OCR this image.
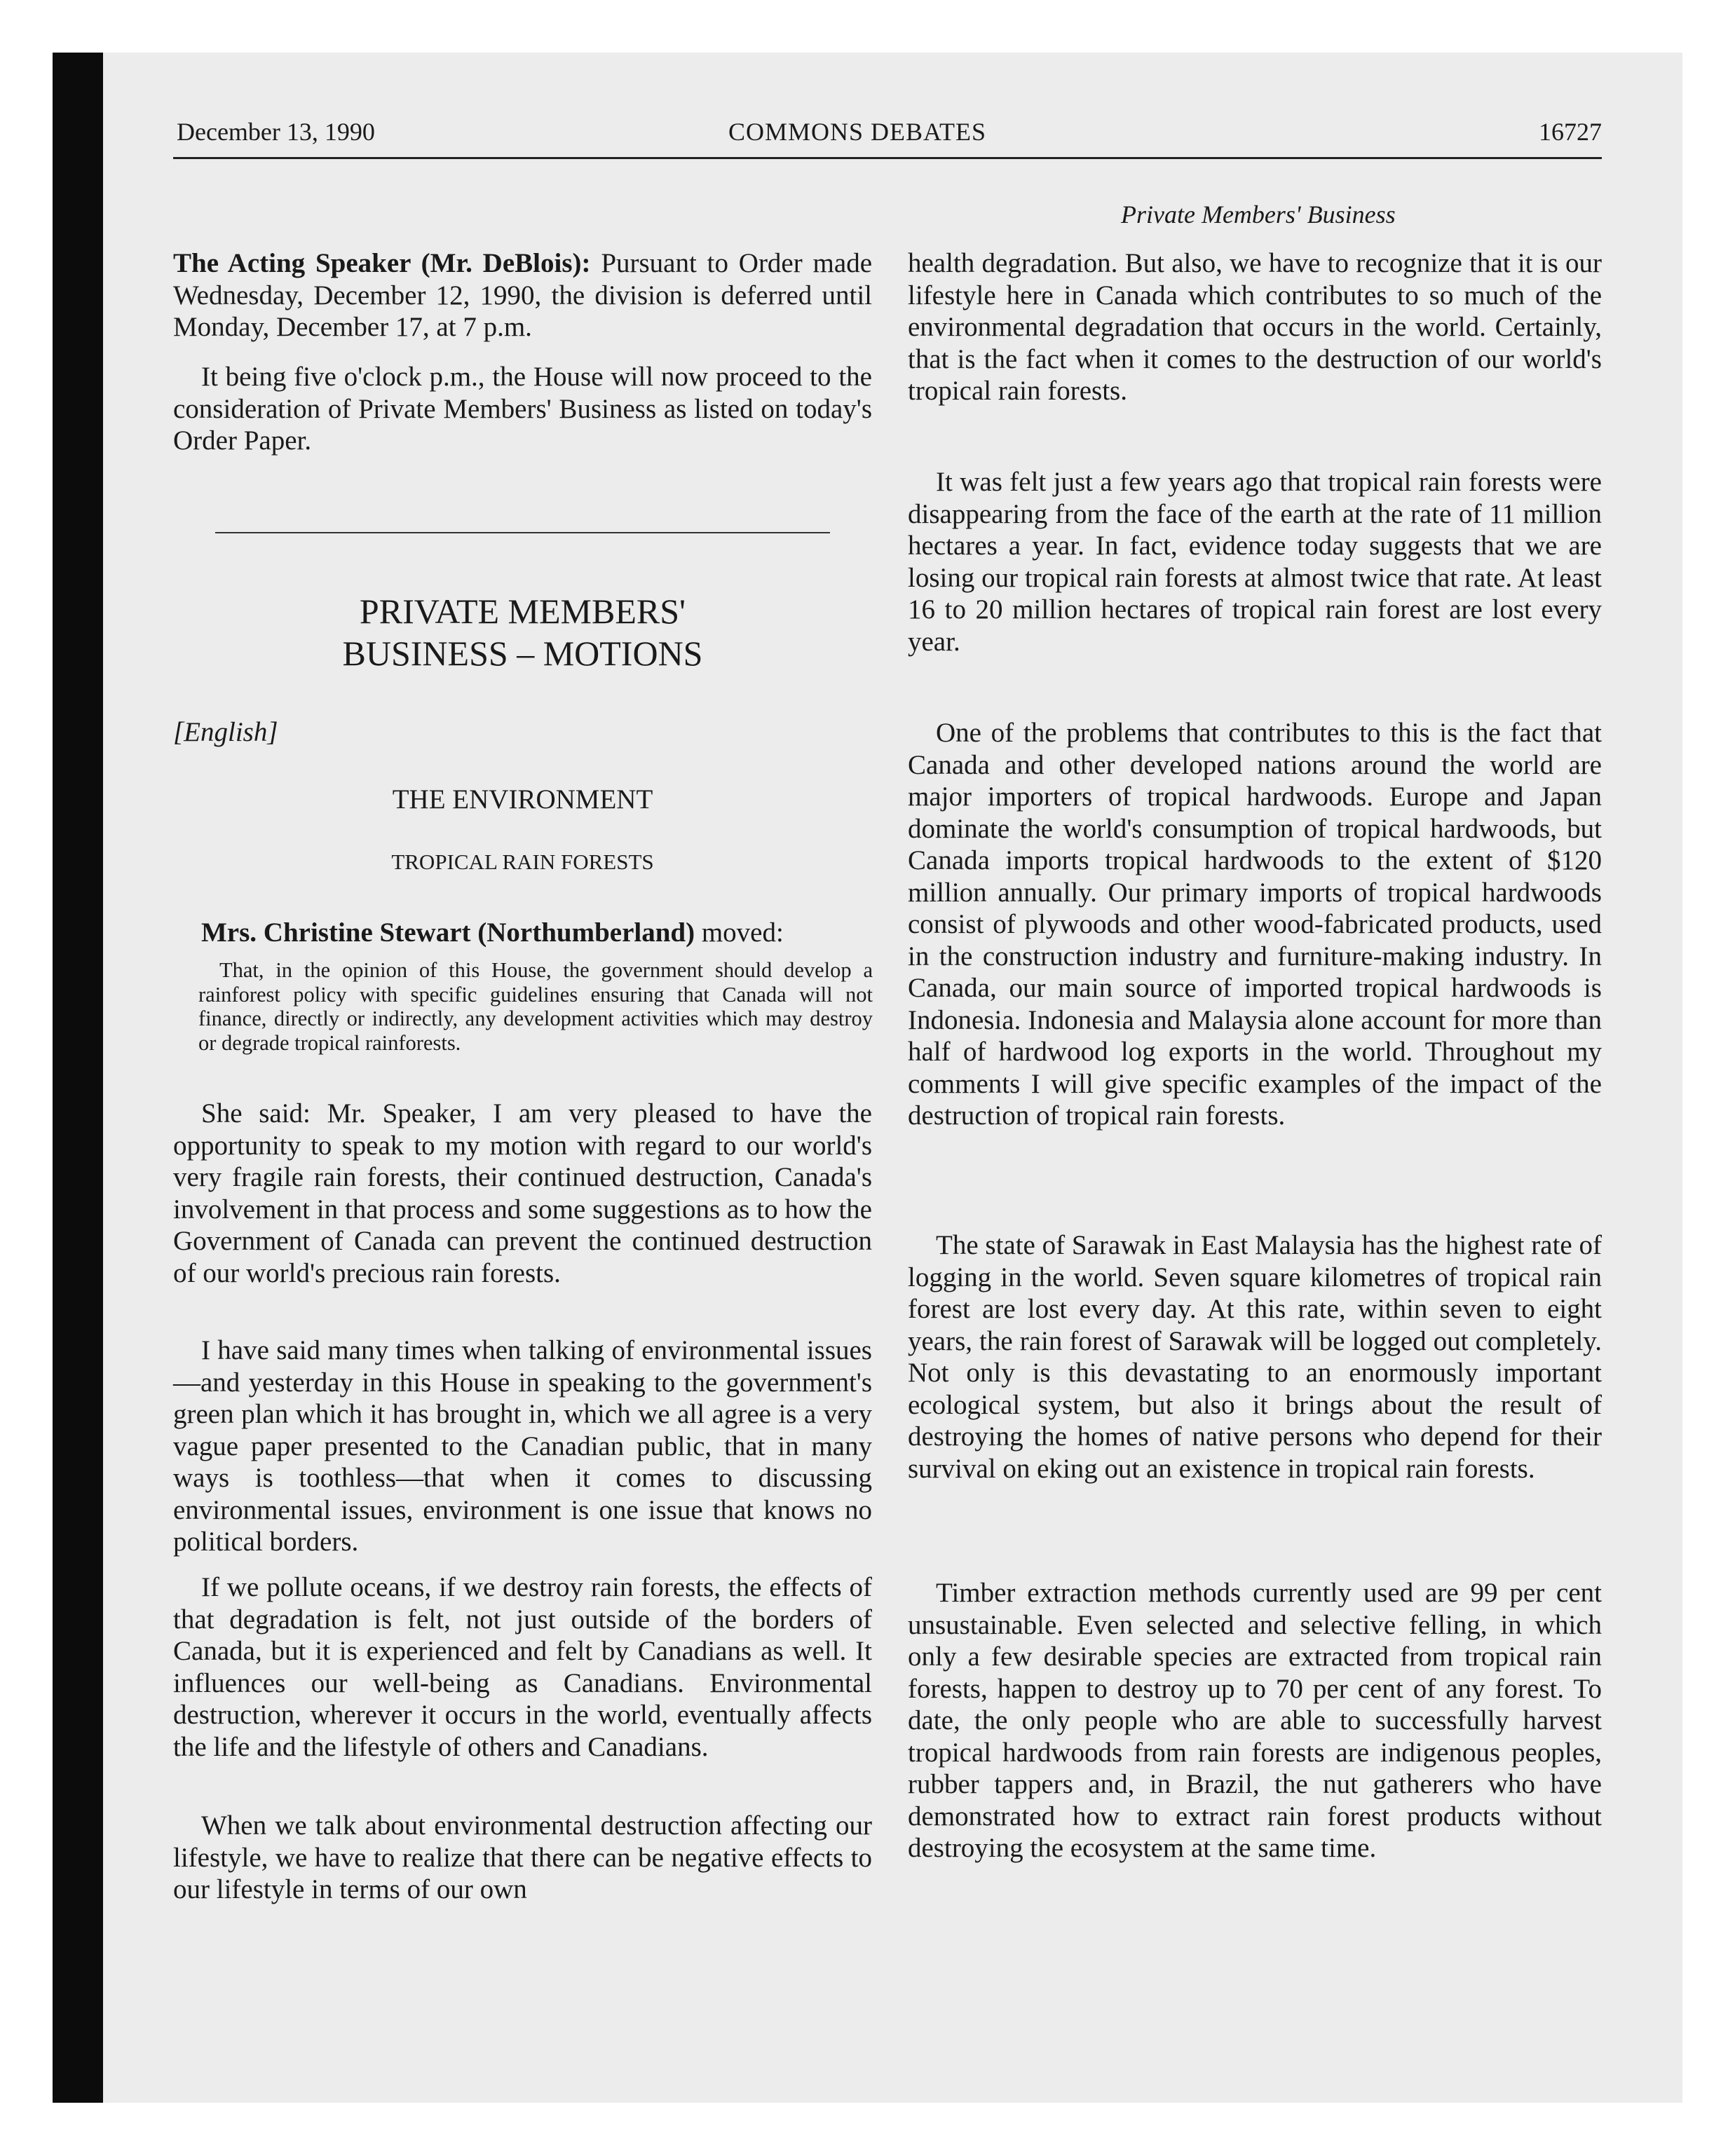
December 13, 1990	COMMONS DEBATES	16727
Private Members' Business

The Acting Speaker (Mr. DeBlois): Pursuant to Order made Wednesday, December 12, 1990, the division is deferred until Monday, December 17, at 7 p.m.

It being five o'clock p.m., the House will now proceed to the consideration of Private Members' Business as listed on today's Order Paper.

PRIVATE MEMBERS'
BUSINESS – MOTIONS
[English]
THE ENVIRONMENT
TROPICAL RAIN FORESTS
Mrs. Christine Stewart (Northumberland) moved:
That, in the opinion of this House, the government should develop a rainforest policy with specific guidelines ensuring that Canada will not finance, directly or indirectly, any development activities which may destroy or degrade tropical rainforests.

She said: Mr. Speaker, I am very pleased to have the opportunity to speak to my motion with regard to our world's very fragile rain forests, their continued destruction, Canada's involvement in that process and some suggestions as to how the Government of Canada can prevent the continued destruction of our world's precious rain forests.

I have said many times when talking of environmental issues—and yesterday in this House in speaking to the government's green plan which it has brought in, which we all agree is a very vague paper presented to the Canadian public, that in many ways is toothless—that when it comes to discussing environmental issues, environment is one issue that knows no political borders.

If we pollute oceans, if we destroy rain forests, the effects of that degradation is felt, not just outside of the borders of Canada, but it is experienced and felt by Canadians as well. It influences our well-being as Canadians. Environmental destruction, wherever it occurs in the world, eventually affects the life and the lifestyle of others and Canadians.

When we talk about environmental destruction affecting our lifestyle, we have to realize that there can be negative effects to our lifestyle in terms of our own

health degradation. But also, we have to recognize that it is our lifestyle here in Canada which contributes to so much of the environmental degradation that occurs in the world. Certainly, that is the fact when it comes to the destruction of our world's tropical rain forests.

It was felt just a few years ago that tropical rain forests were disappearing from the face of the earth at the rate of 11 million hectares a year. In fact, evidence today suggests that we are losing our tropical rain forests at almost twice that rate. At least 16 to 20 million hectares of tropical rain forest are lost every year.

One of the problems that contributes to this is the fact that Canada and other developed nations around the world are major importers of tropical hardwoods. Europe and Japan dominate the world's consumption of tropical hardwoods, but Canada imports tropical hardwoods to the extent of $120 million annually. Our primary imports of tropical hardwoods consist of plywoods and other wood-fabricated products, used in the construction industry and furniture-making industry. In Canada, our main source of imported tropical hardwoods is Indonesia. Indonesia and Malaysia alone account for more than half of hardwood log exports in the world. Throughout my comments I will give specific examples of the impact of the destruction of tropical rain forests.

The state of Sarawak in East Malaysia has the highest rate of logging in the world. Seven square kilometres of tropical rain forest are lost every day. At this rate, within seven to eight years, the rain forest of Sarawak will be logged out completely. Not only is this devastating to an enormously important ecological system, but also it brings about the result of destroying the homes of native persons who depend for their survival on eking out an existence in tropical rain forests.

Timber extraction methods currently used are 99 per cent unsustainable. Even selected and selective felling, in which only a few desirable species are extracted from tropical rain forests, happen to destroy up to 70 per cent of any forest. To date, the only people who are able to successfully harvest tropical hardwoods from rain forests are indigenous peoples, rubber tappers and, in Brazil, the nut gatherers who have demonstrated how to extract rain forest products without destroying the ecosystem at the same time.
